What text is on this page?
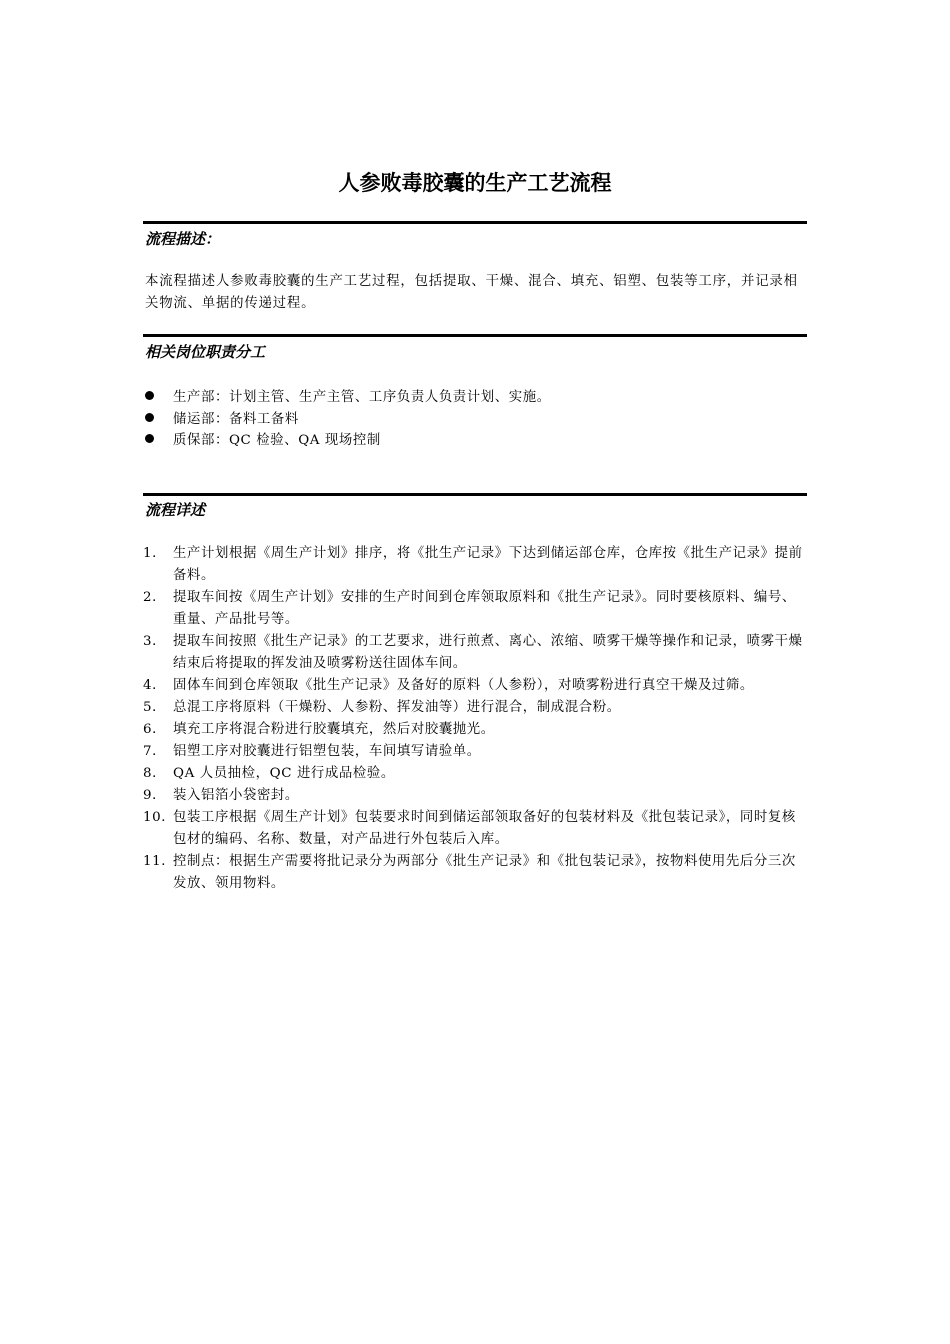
人参败毒胶囊的生产工艺流程
流程描述：

本流程描述人参败毒胶囊的生产工艺过程，包括提取、干燥、混合、填充、铝塑、包装等工序，并记录相关物流、单据的传递过程。

相关岗位职责分工
生产部：计划主管、生产主管、工序负责人负责计划、实施。
储运部：备料工备料
质保部：QC 检验、QA 现场控制
流程详述
1． 生产计划根据《周生产计划》排序，将《批生产记录》下达到储运部仓库，仓库按《批生产记录》提前备料。
2． 提取车间按《周生产计划》安排的生产时间到仓库领取原料和《批生产记录》。同时要核原料、编号、重量、产品批号等。
3． 提取车间按照《批生产记录》的工艺要求，进行煎煮、离心、浓缩、喷雾干燥等操作和记录，喷雾干燥结束后将提取的挥发油及喷雾粉送往固体车间。
4． 固体车间到仓库领取《批生产记录》及备好的原料（人参粉），对喷雾粉进行真空干燥及过筛。
5． 总混工序将原料（干燥粉、人参粉、挥发油等）进行混合，制成混合粉。
6． 填充工序将混合粉进行胶囊填充，然后对胶囊抛光。
7． 铝塑工序对胶囊进行铝塑包装，车间填写请验单。
8． QA 人员抽检，QC 进行成品检验。
9． 装入铝箔小袋密封。
10．
包装工序根据《周生产计划》包装要求时间到储运部领取备好的包装材料及《批包装记录》，同时复核包材的编码、名称、数量，对产品进行外包装后入库。
11．
控制点：根据生产需要将批记录分为两部分《批生产记录》和《批包装记录》，按物料使用先后分三次发放、领用物料。
